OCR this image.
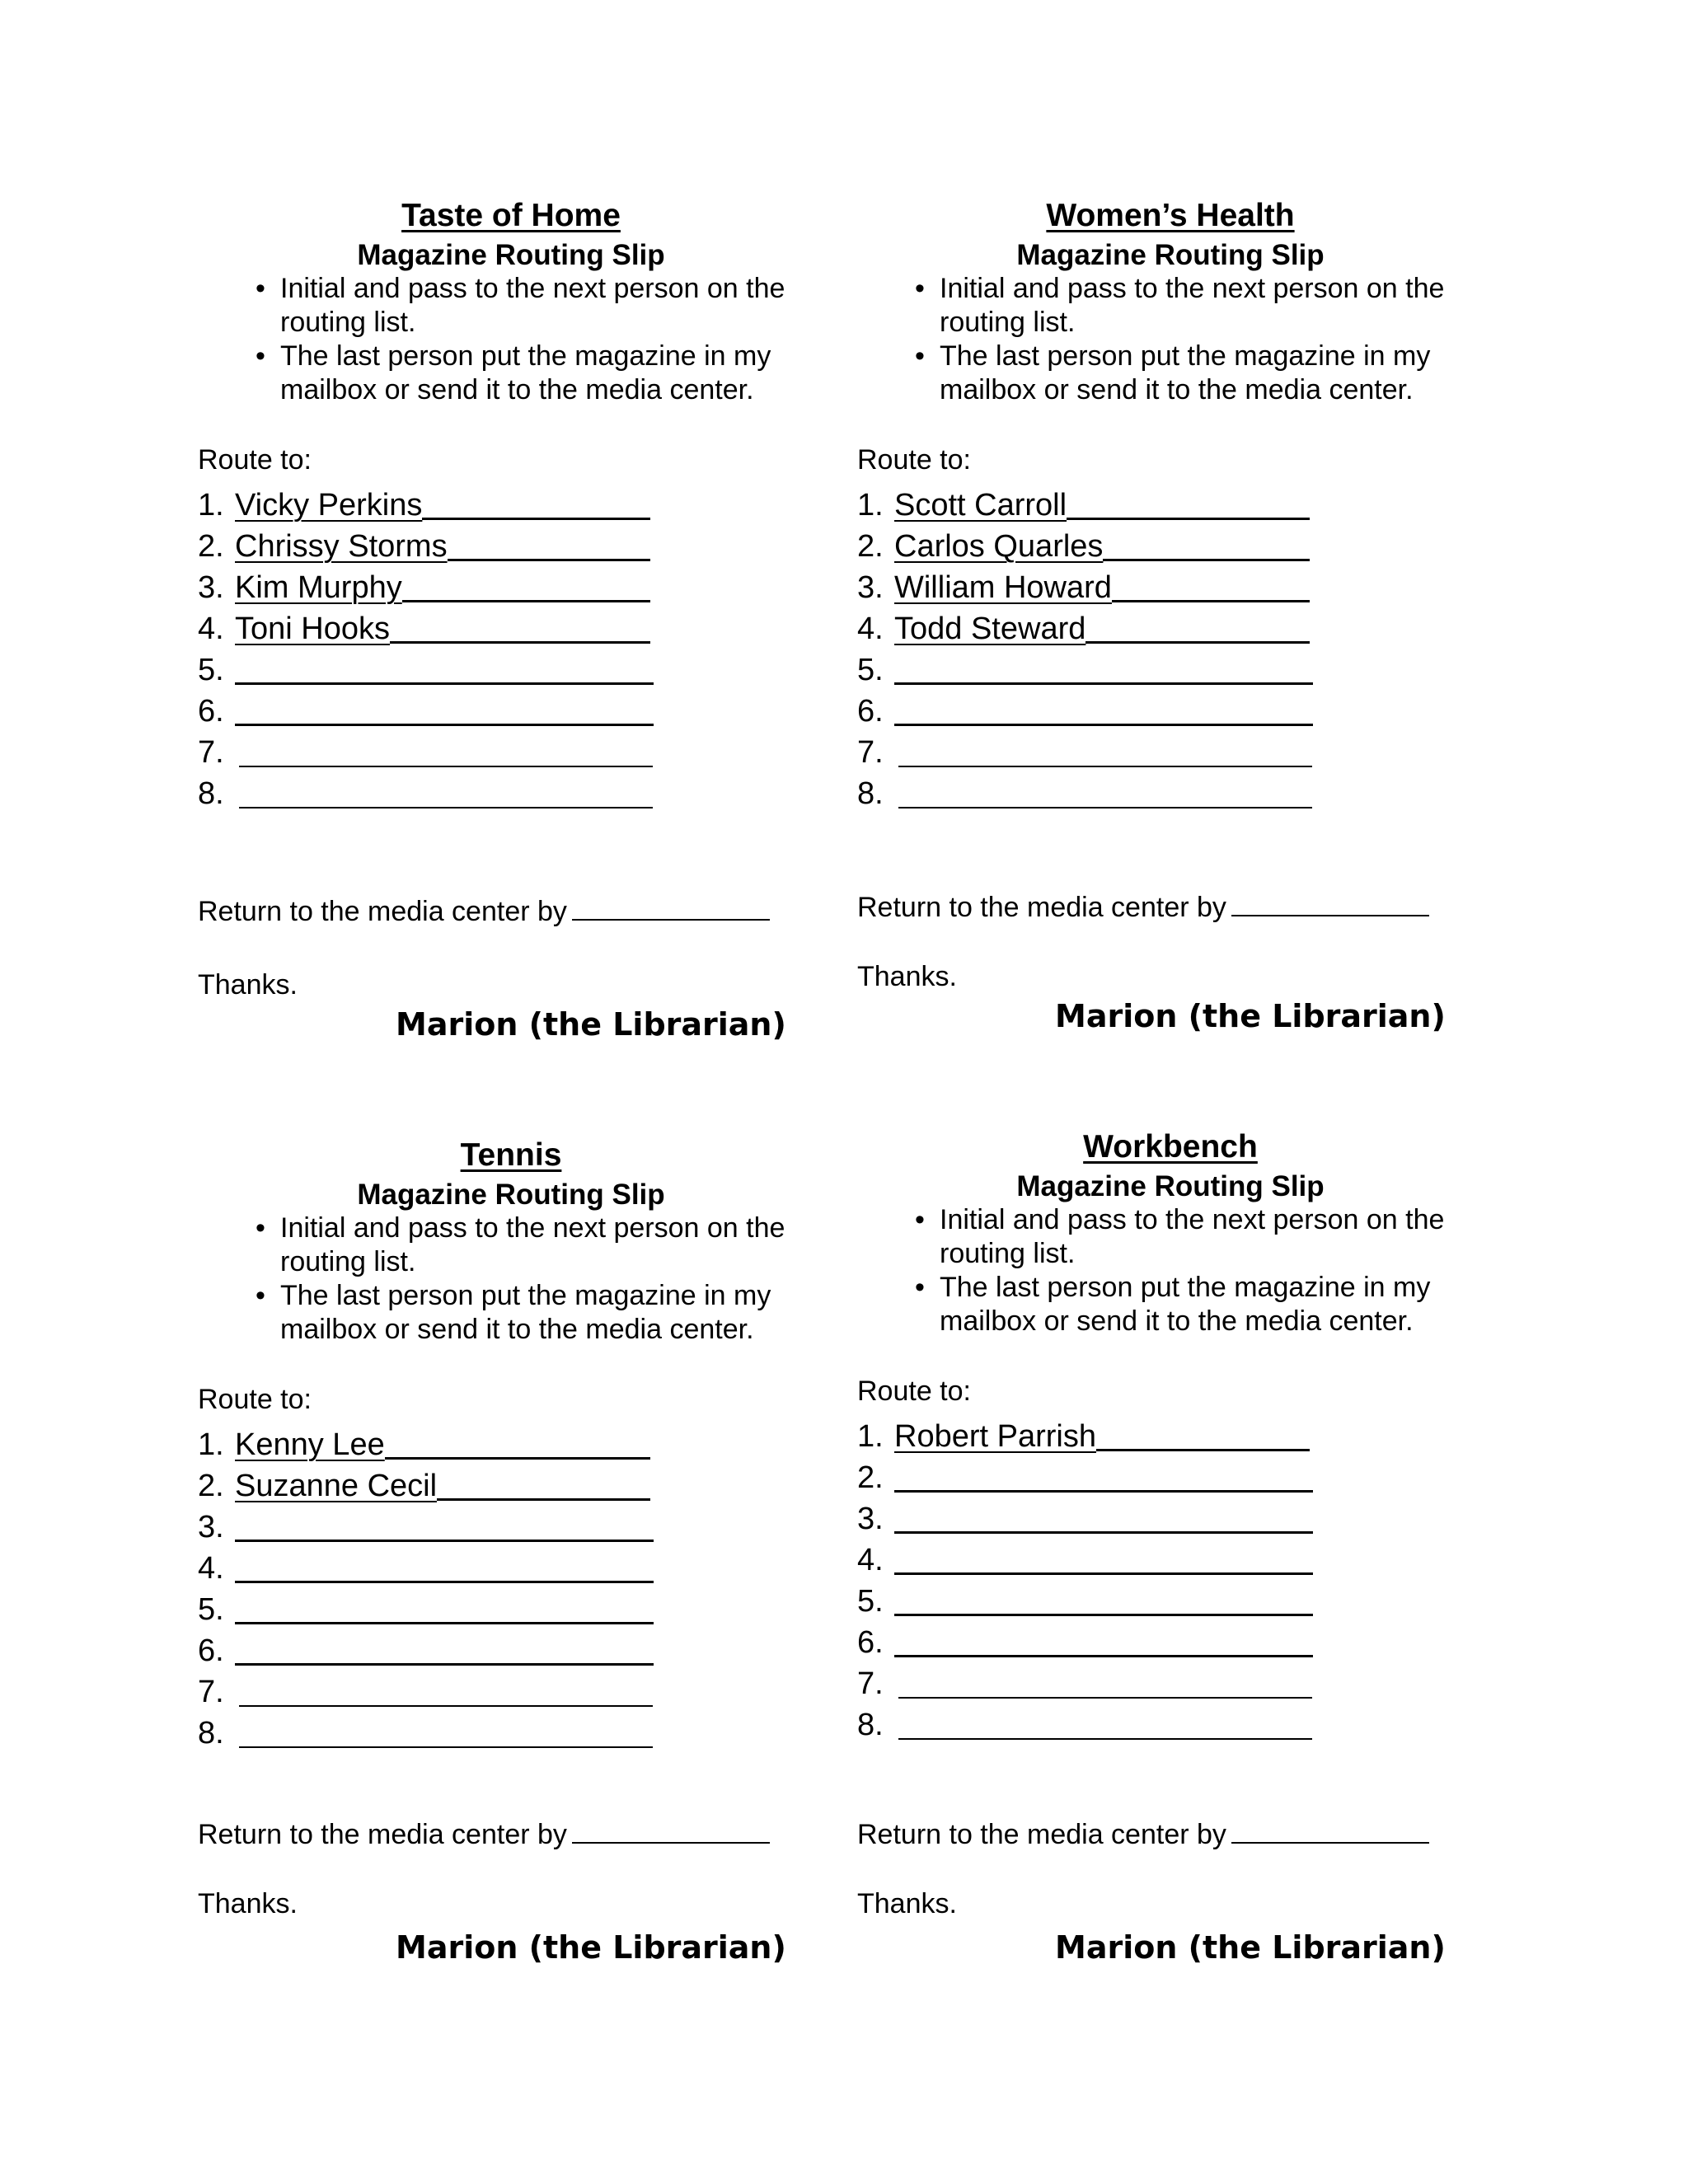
Taste of Home
Magazine Routing Slip
• Initial and pass to the next person on the routing list.
• The last person put the magazine in my mailbox or send it to the media center.
Route to:
1. Vicky Perkins
2. Chrissy Storms
3. Kim Murphy
4. Toni Hooks
5.
6.
7.
8.
Return to the media center by
Thanks.
Marion (the Librarian)
Women’s Health
Magazine Routing Slip
• Initial and pass to the next person on the routing list.
• The last person put the magazine in my mailbox or send it to the media center.
Route to:
1. Scott Carroll
2. Carlos Quarles
3. William Howard
4. Todd Steward
5.
6.
7.
8.
Return to the media center by
Thanks.
Marion (the Librarian)
Tennis
Magazine Routing Slip
• Initial and pass to the next person on the routing list.
• The last person put the magazine in my mailbox or send it to the media center.
Route to:
1. Kenny Lee
2. Suzanne Cecil
3.
4.
5.
6.
7.
8.
Return to the media center by
Thanks.
Marion (the Librarian)
Workbench
Magazine Routing Slip
• Initial and pass to the next person on the routing list.
• The last person put the magazine in my mailbox or send it to the media center.
Route to:
1. Robert Parrish
2.
3.
4.
5.
6.
7.
8.
Return to the media center by
Thanks.
Marion (the Librarian)
